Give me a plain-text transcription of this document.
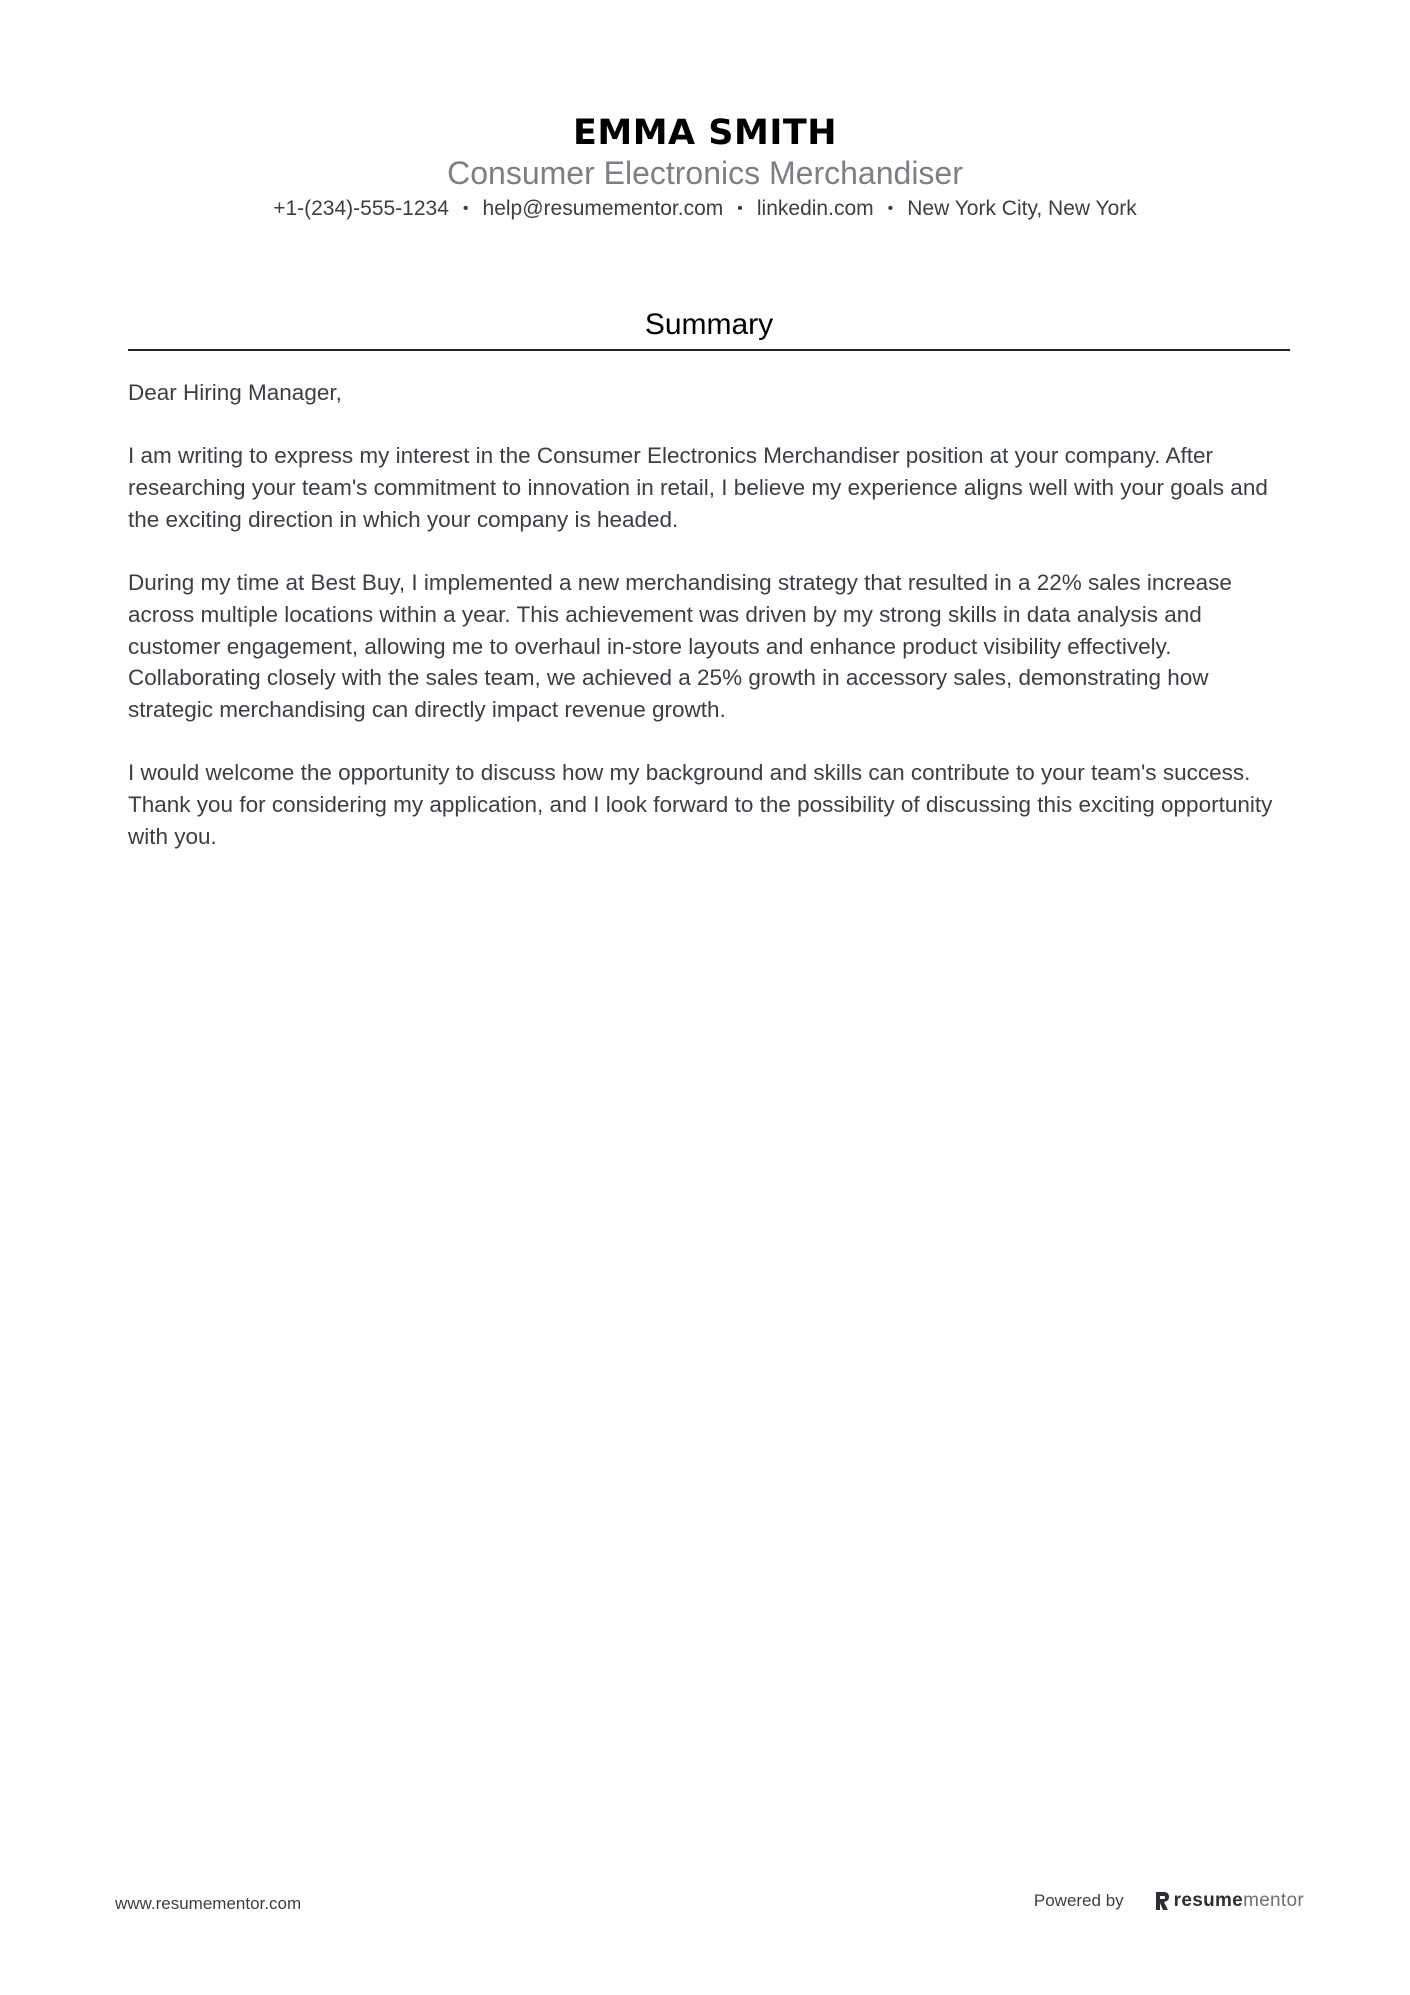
EMMA SMITH
Consumer Electronics Merchandiser
+1-(234)-555-1234 • help@resumementor.com • linkedin.com • New York City, New York
Summary

Dear Hiring Manager,

I am writing to express my interest in the Consumer Electronics Merchandiser position at your company. After researching your team's commitment to innovation in retail, I believe my experience aligns well with your goals and the exciting direction in which your company is headed.

During my time at Best Buy, I implemented a new merchandising strategy that resulted in a 22% sales increase across multiple locations within a year. This achievement was driven by my strong skills in data analysis and customer engagement, allowing me to overhaul in-store layouts and enhance product visibility effectively. Collaborating closely with the sales team, we achieved a 25% growth in accessory sales, demonstrating how strategic merchandising can directly impact revenue growth.

I would welcome the opportunity to discuss how my background and skills can contribute to your team's success. Thank you for considering my application, and I look forward to the possibility of discussing this exciting opportunity with you.

www.resumementor.com	Powered by	resume mentor
